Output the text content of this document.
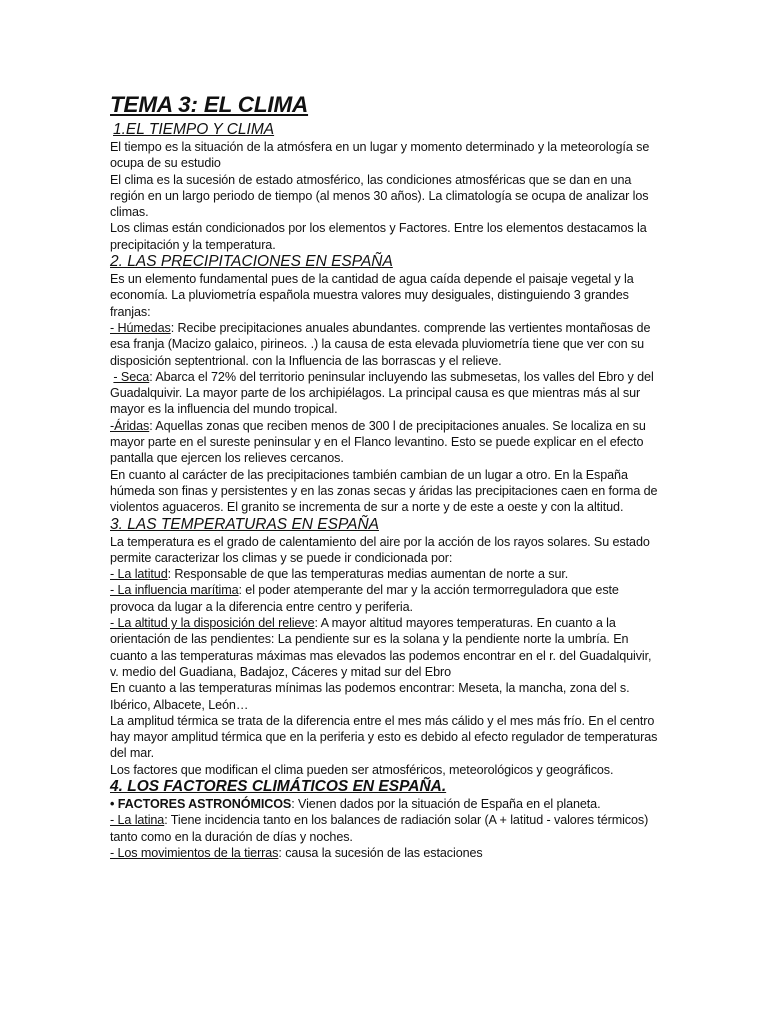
TEMA 3: EL CLIMA
1.EL TIEMPO Y CLIMA

El tiempo es la situación de la atmósfera en un lugar y momento determinado y la meteorología se ocupa de su estudio

El clima es la sucesión de estado atmosférico, las condiciones atmosféricas que se dan en una región en un largo periodo de tiempo (al menos 30 años). La climatología se ocupa de analizar los climas.

Los climas están condicionados por los elementos y Factores. Entre los elementos destacamos la precipitación y la temperatura.

2. LAS PRECIPITACIONES EN ESPAÑA

Es un elemento fundamental pues de la cantidad de agua caída depende el paisaje vegetal y la economía. La pluviometría española muestra valores muy desiguales, distinguiendo 3 grandes franjas:

- Húmedas: Recibe precipitaciones anuales abundantes. comprende las vertientes montañosas de esa franja (Macizo galaico, pirineos. .) la causa de esta elevada pluviometría tiene que ver con su disposición septentrional. con la Influencia de las borrascas y el relieve.

- Seca: Abarca el 72% del territorio peninsular incluyendo las submesetas, los valles del Ebro y del Guadalquivir. La mayor parte de los archipiélagos. La principal causa es que mientras más al sur mayor es la influencia del mundo tropical.

-Áridas: Aquellas zonas que reciben menos de 300 l de precipitaciones anuales. Se localiza en su mayor parte en el sureste peninsular y en el Flanco levantino. Esto se puede explicar en el efecto pantalla que ejercen los relieves cercanos.

En cuanto al carácter de las precipitaciones también cambian de un lugar a otro. En la España húmeda son finas y persistentes y en las zonas secas y áridas las precipitaciones caen en forma de violentos aguaceros. El granito se incrementa de sur a norte y de este a oeste y con la altitud.

3. LAS TEMPERATURAS EN ESPAÑA

La temperatura es el grado de calentamiento del aire por la acción de los rayos solares. Su estado permite caracterizar los climas y se puede ir condicionada por:

- La latitud: Responsable de que las temperaturas medias aumentan de norte a sur.

- La influencia marítima: el poder atemperante del mar y la acción termorreguladora que este provoca da lugar a la diferencia entre centro y periferia.

- La altitud y la disposición del relieve: A mayor altitud mayores temperaturas. En cuanto a la orientación de las pendientes: La pendiente sur es la solana y la pendiente norte la umbría. En cuanto a las temperaturas máximas mas elevados las podemos encontrar en el r. del Guadalquivir, v. medio del Guadiana, Badajoz, Cáceres y mitad sur del Ebro

En cuanto a las temperaturas mínimas las podemos encontrar: Meseta, la mancha, zona del s. Ibérico, Albacete, León…

La amplitud térmica se trata de la diferencia entre el mes más cálido y el mes más frío. En el centro hay mayor amplitud térmica que en la periferia y esto es debido al efecto regulador de temperaturas del mar.

Los factores que modifican el clima pueden ser atmosféricos, meteorológicos y geográficos.

4. LOS FACTORES CLIMÁTICOS EN ESPAÑA.

• FACTORES ASTRONÓMICOS: Vienen dados por la situación de España en el planeta.

- La latina: Tiene incidencia tanto en los balances de radiación solar (A + latitud - valores térmicos) tanto como en la duración de días y noches.

- Los movimientos de la tierras: causa la sucesión de las estaciones
